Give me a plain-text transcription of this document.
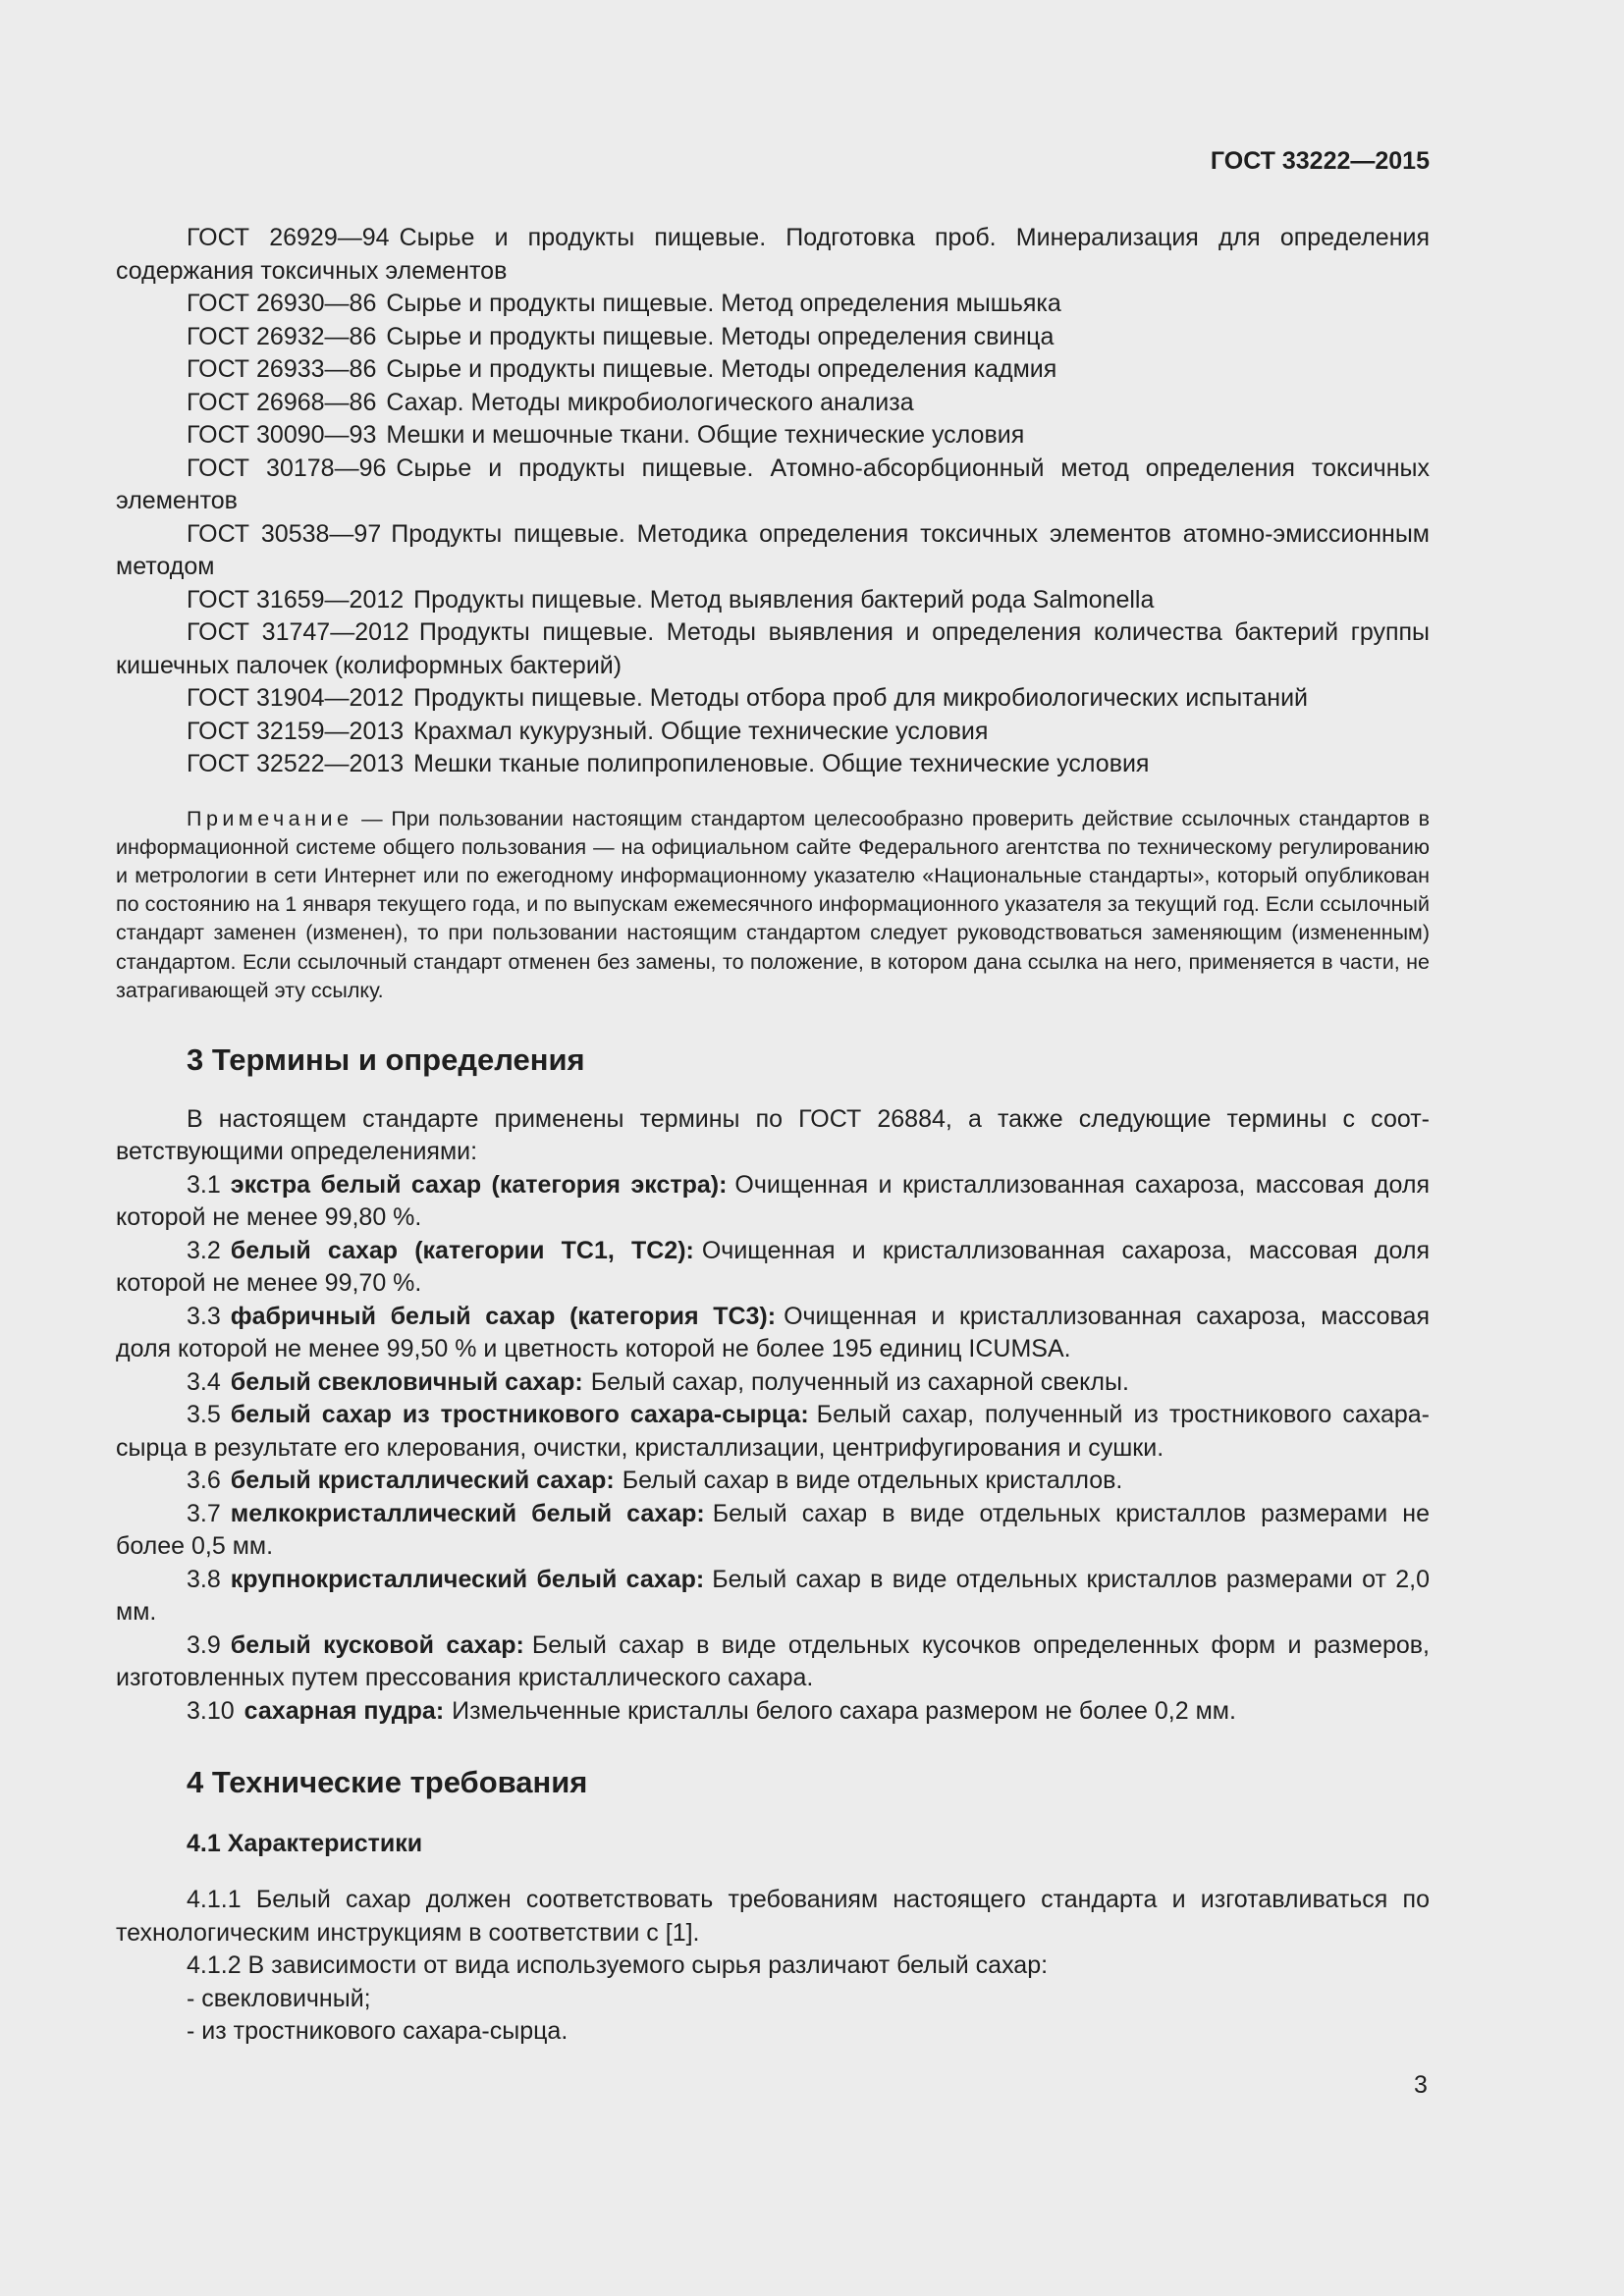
ГОСТ 33222—2015

ГОСТ 26929—94 Сырье и продукты пищевые. Подготовка проб. Минерализация для определения содержания токсичных элементов

ГОСТ 26930—86 Сырье и продукты пищевые. Метод определения мышьяка

ГОСТ 26932—86 Сырье и продукты пищевые. Методы определения свинца

ГОСТ 26933—86 Сырье и продукты пищевые. Методы определения кадмия

ГОСТ 26968—86 Сахар. Методы микробиологического анализа

ГОСТ 30090—93 Мешки и мешочные ткани. Общие технические условия

ГОСТ 30178—96 Сырье и продукты пищевые. Атомно-абсорбционный метод определения токсичных элементов

ГОСТ 30538—97 Продукты пищевые. Методика определения токсичных элементов атомно-эмиссионным методом

ГОСТ 31659—2012 Продукты пищевые. Метод выявления бактерий рода Salmonella

ГОСТ 31747—2012 Продукты пищевые. Методы выявления и определения количества бактерий группы кишечных палочек (колиформных бактерий)

ГОСТ 31904—2012 Продукты пищевые. Методы отбора проб для микробиологических испытаний

ГОСТ 32159—2013 Крахмал кукурузный. Общие технические условия

ГОСТ 32522—2013 Мешки тканые полипропиленовые. Общие технические условия

Примечание — При пользовании настоящим стандартом целесообразно проверить действие ссылочных стандартов в информационной системе общего пользования — на официальном сайте Федерального агентства по техническому регулированию и метрологии в сети Интернет или по ежегодному информационному указателю «Национальные стандарты», который опубликован по состоянию на 1 января текущего года, и по выпускам ежемесячного информационного указателя за текущий год. Если ссылочный стандарт заменен (изменен), то при пользовании настоящим стандартом следует руководствоваться заменяющим (измененным) стандартом. Если ссылочный стандарт отменен без замены, то положение, в котором дана ссылка на него, применяется в части, не затрагивающей эту ссылку.

3 Термины и определения

В настоящем стандарте применены термины по ГОСТ 26884, а также следующие термины с соответствующими определениями:

3.1 экстра белый сахар (категория экстра): Очищенная и кристаллизованная сахароза, массовая доля которой не менее 99,80 %.

3.2 белый сахар (категории ТС1, ТС2): Очищенная и кристаллизованная сахароза, массовая доля которой не менее 99,70 %.

3.3 фабричный белый сахар (категория ТС3): Очищенная и кристаллизованная сахароза, массовая доля которой не менее 99,50 % и цветность которой не более 195 единиц ICUMSA.

3.4 белый свекловичный сахар: Белый сахар, полученный из сахарной свеклы.

3.5 белый сахар из тростникового сахара-сырца: Белый сахар, полученный из тростникового сахара-сырца в результате его клерования, очистки, кристаллизации, центрифугирования и сушки.

3.6 белый кристаллический сахар: Белый сахар в виде отдельных кристаллов.

3.7 мелкокристаллический белый сахар: Белый сахар в виде отдельных кристаллов размерами не более 0,5 мм.

3.8 крупнокристаллический белый сахар: Белый сахар в виде отдельных кристаллов размерами от 2,0 мм.

3.9 белый кусковой сахар: Белый сахар в виде отдельных кусочков определенных форм и размеров, изготовленных путем прессования кристаллического сахара.

3.10 сахарная пудра: Измельченные кристаллы белого сахара размером не более 0,2 мм.

4 Технические требования
4.1 Характеристики

4.1.1 Белый сахар должен соответствовать требованиям настоящего стандарта и изготавливаться по технологическим инструкциям в соответствии с [1].

4.1.2 В зависимости от вида используемого сырья различают белый сахар:

- свекловичный;

- из тростникового сахара-сырца.

3
